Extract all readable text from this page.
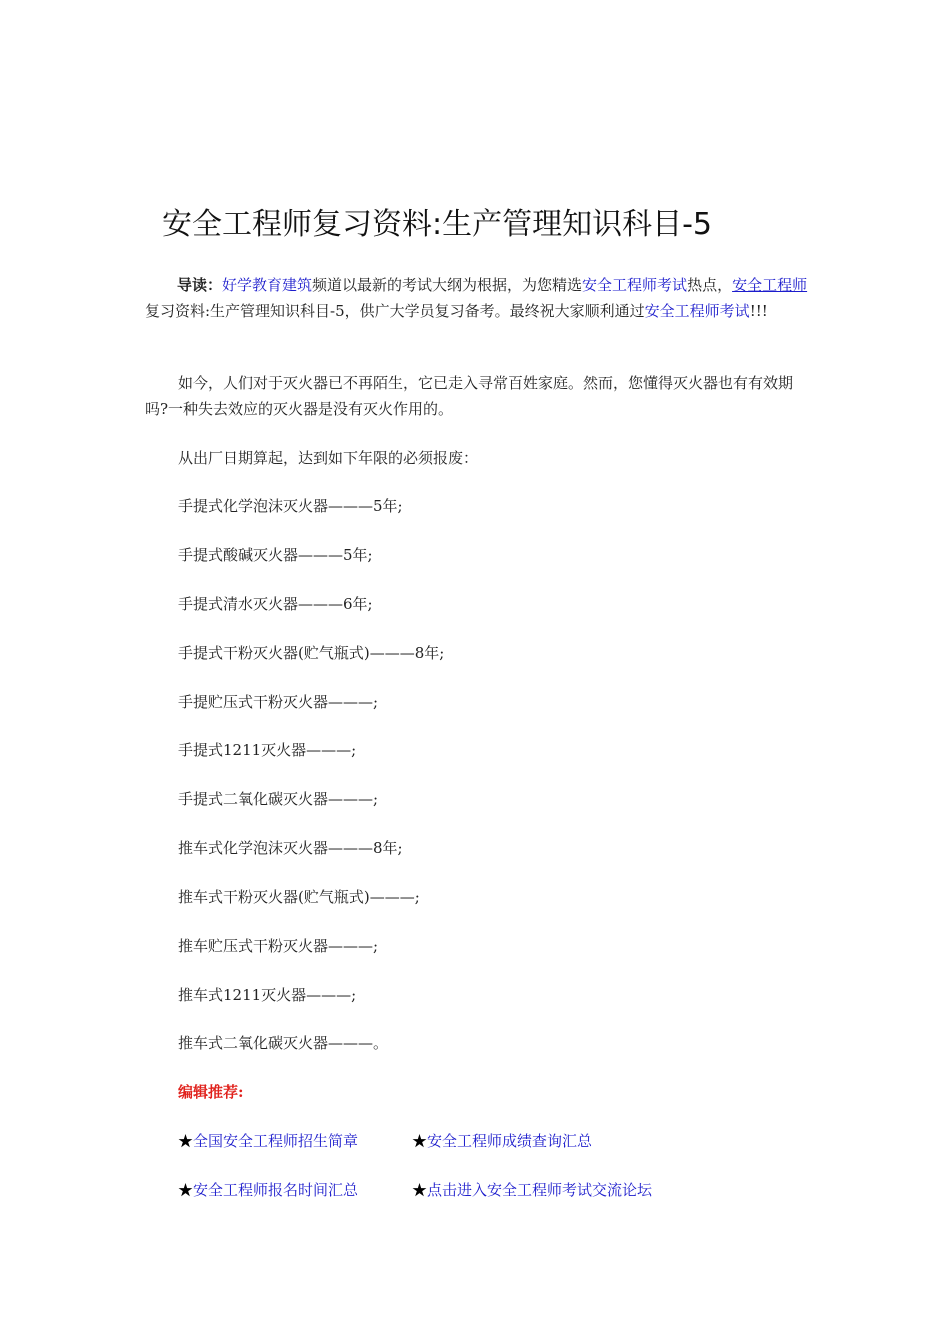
安全工程师复习资料:生产管理知识科目-5
导读：好学教育建筑频道以最新的考试大纲为根据，为您精选安全工程师考试热点，安全工程师复习资料:生产管理知识科目-5，供广大学员复习备考。最终祝大家顺利通过安全工程师考试!!!
如今，人们对于灭火器已不再陌生，它已走入寻常百姓家庭。然而，您懂得灭火器也有有效期吗?一种失去效应的灭火器是没有灭火作用的。
从出厂日期算起，达到如下年限的必须报废：
手提式化学泡沫灭火器———5年;
手提式酸碱灭火器———5年;
手提式清水灭火器———6年;
手提式干粉灭火器(贮气瓶式)———8年;
手提贮压式干粉灭火器———;
手提式1211灭火器———;
手提式二氧化碳灭火器———;
推车式化学泡沫灭火器———8年;
推车式干粉灭火器(贮气瓶式)———;
推车贮压式干粉灭火器———;
推车式1211灭火器———;
推车式二氧化碳灭火器———。
编辑推荐:
★全国安全工程师招生简章	★安全工程师成绩查询汇总
★安全工程师报名时间汇总	★点击进入安全工程师考试交流论坛
